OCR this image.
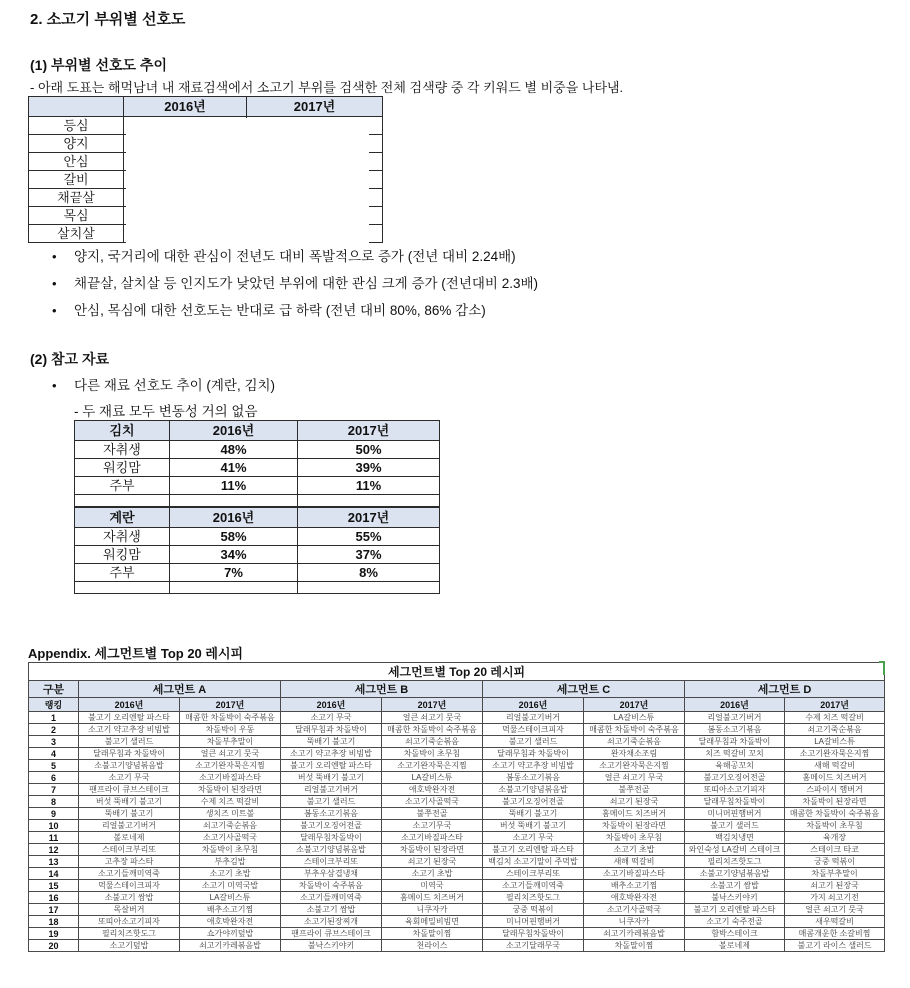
2. 소고기 부위별 선호도
(1) 부위별 선호도 추이
- 아래 도표는 해먹남녀 내 재료검색에서 소고기 부위를 검색한 전체 검색량 중 각 키워드 별 비중을 나타냄.
	2016년	2017년
등심		
양지		
안심		
갈비		
채끝살		
목심		
살치살		
•	양지, 국거리에 대한 관심이 전년도 대비 폭발적으로 증가 (전년 대비 2.24배)
•	채끝살, 살치살 등 인지도가 낮았던 부위에 대한 관심 크게 증가 (전년대비 2.3배)
•	안심, 목심에 대한 선호도는 반대로 급 하락 (전년 대비 80%, 86% 감소)
(2) 참고 자료
•	다른 재료 선호도 추이 (계란, 김치)
- 두 재료 모두 변동성 거의 없음
김치	2016년	2017년
자취생	48%	50%
워킹맘	41%	39%
주부	11%	11%

계란	2016년	2017년
자취생	58%	55%
워킹맘	34%	37%
주부	7%	8%

Appendix. 세그먼트별 Top 20 레시피
세그먼트별 Top 20 레시피								
구분	세그먼트 A		세그먼트 B		세그먼트 C		세그먼트 D	
랭킹	2016년	2017년	2016년	2017년	2016년	2017년	2016년	2017년
1	불고기 오리엔탈 파스타	매콤한 차돌박이 숙주볶음	소고기 무국	얼큰 쇠고기 뭇국	리얼불고기버거	LA갈비스튜	리얼불고기버거	수제 치즈 떡갈비
2	소고기 약고추장 비빔밥	차돌박이 우동	달래무침과 차돌박이	매콤한 차돌박이 숙주볶음	먹물스테이크피자	매콤한 차돌박이 숙주볶음	봄동소고기볶음	쇠고기죽순볶음
3	불고기 샐러드	차돌부추말이	뚝배기 불고기	쇠고기죽순볶음	불고기 샐러드	쇠고기죽순볶음	달래무침과 차돌박이	LA갈비스튜
4	달래무침과 차돌박이	얼큰 쇠고기 뭇국	소고기 약고추장 비빔밥	차돌박이 초무침	달래무침과 차돌박이	완자채소조림	치즈 떡갈비 꼬치	소고기완자묵은지찜
5	소불고기양념볶음밥	소고기완자묵은지찜	불고기 오리엔탈 파스타	소고기완자묵은지찜	소고기 약고추장 비빔밥	소고기완자묵은지찜	육해공꼬치	새해 떡갈비
6	소고기 무국	소고기바질파스타	버섯 뚝배기 불고기	LA갈비스튜	봄동소고기볶음	얼큰 쇠고기 무국	불고기오징어전골	홈메이드 치즈버거
7	팬프라이 큐브스테이크	차돌박이 된장라면	리얼불고기버거	애호박완자전	소불고기양념볶음밥	불쭈전골	또띠아소고기피자	스파이시 햄버거
8	버섯 뚝배기 불고기	수제 치즈 떡갈비	불고기 샐러드	소고기사골떡국	불고기오징어전골	쇠고기 된장국	달래무침차돌박이	차돌박이 된장라면
9	뚝배기 불고기	생치즈 미트볼	봄동소고기볶음	불쭈전골	뚝배기 불고기	홈메이드 치즈버거	미니머핀햄버거	매콤한 차돌박이 숙주볶음
10	리얼불고기버거	쇠고기죽순볶음	불고기오징어전골	소고기무국	버섯 뚝배기 불고기	차돌박이 된장라면	불고기 샐러드	차돌박이 초무침
11	볼로네제	소고기사골떡국	달래무침차돌박이	소고기바질파스타	소고기 무국	차돌박이 초무침	백김치냉면	육개장
12	스테이크부리또	차돌박이 초무침	소불고기양념볶음밥	차돌박이 된장라면	불고기 오리엔탈 파스타	소고기 초밥	와인숙성 LA갈비 스테이크	스테이크 타코
13	고추장 파스타	부추김밥	스테이크부리또	쇠고기 된장국	백김치 소고기말이 주먹밥	새해 떡갈비	필리치즈핫도그	궁중 떡볶이
14	소고기들깨미역죽	소고기 초밥	부추우삼겹냉채	소고기 초밥	스테이크부리또	소고기바질파스타	소불고기양념볶음밥	차돌부추말이
15	먹물스테이크피자	소고기 미역국밥	차돌박이 숙주볶음	미역국	소고기들깨미역죽	배추소고기찜	소불고기 쌈밥	쇠고기 된장국
16	소불고기 쌈밥	LA갈비스튜	소고기들깨미역죽	홈메이드 치즈버거	필리치즈핫도그	애호박완자전	불낙스키야키	가지 쇠고기전
17	목살버거	배추소고기찜	소불고기 쌈밥	니쿠자카	궁중 떡볶이	소고기사골떡국	불고기 오리엔탈 파스타	얼큰 쇠고기 뭇국
18	또띠아소고기피자	애호박완자전	소고기된장찌개	육회메밀비빔면	미니머핀햄버거	니쿠자카	소고기 숙주전골	새우떡갈비
19	필리치즈핫도그	쇼가야끼덮밥	팬프라이 큐브스테이크	차돌말이찜	달래무침차돌박이	쇠고기카레볶음밥	함박스테이크	매콤개운한 소갈비찜
20	소고기덮밥	쇠고기카레볶음밥	불낙스키야키	천라이스	소고기달래무국	차돌말이찜	볼로네제	불고기 라이스 샐러드
